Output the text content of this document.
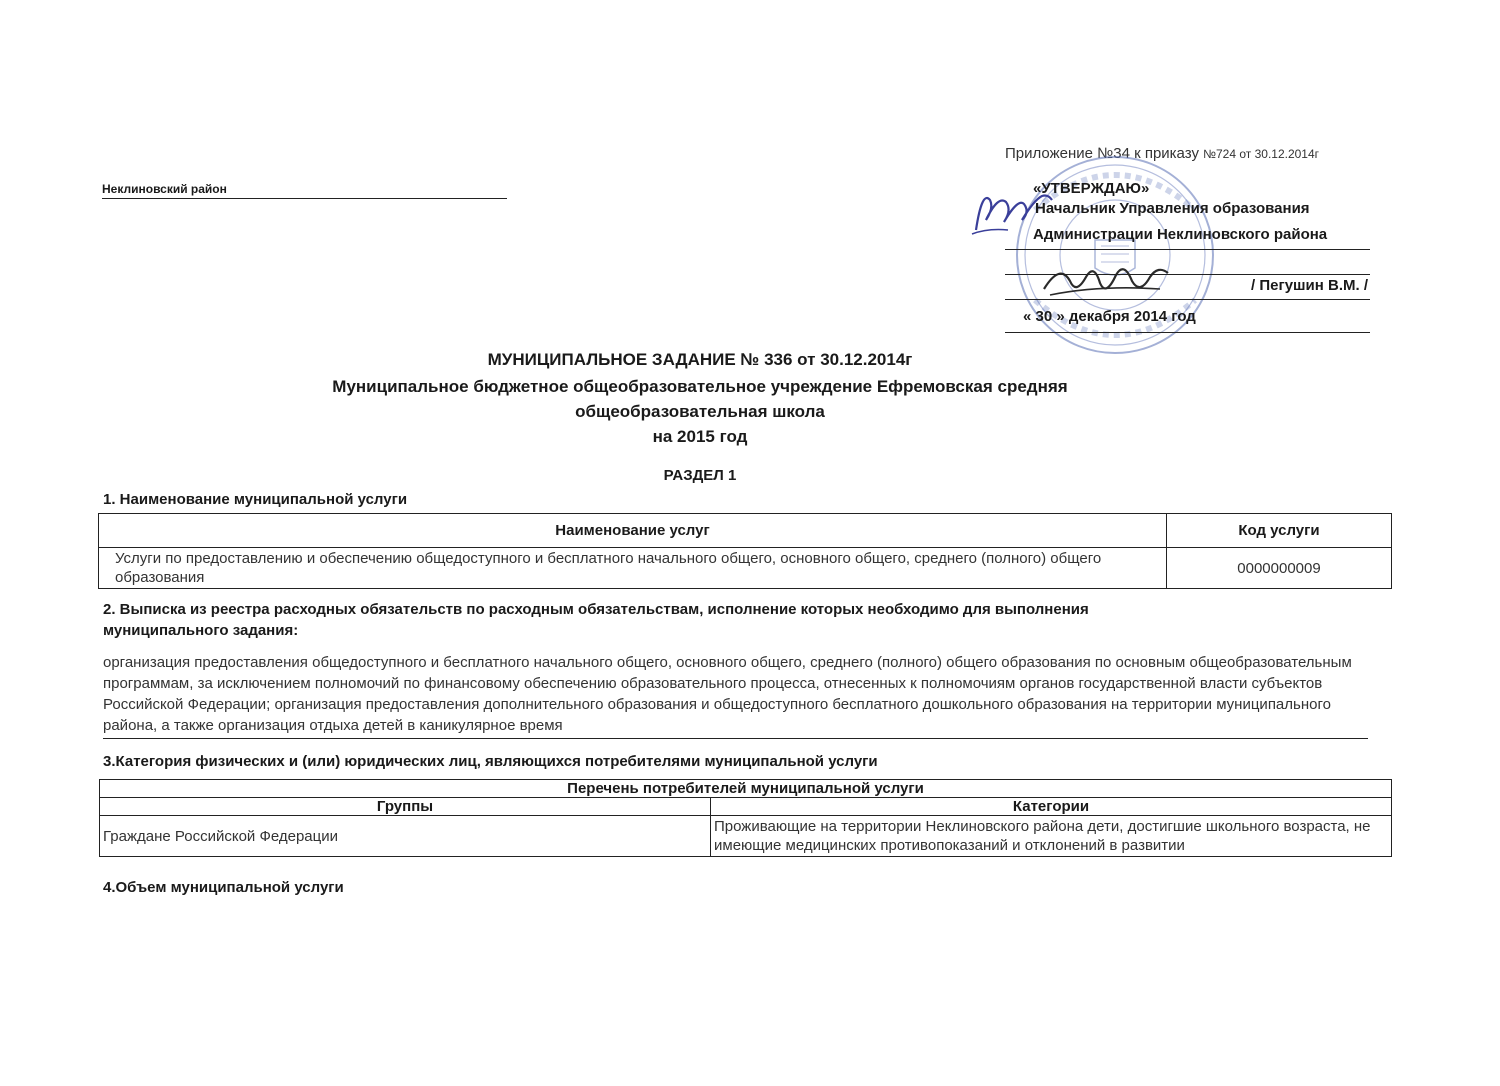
Приложение №34 к приказу №724 от 30.12.2014г
Неклиновский район	«УТВЕРЖДАЮ»
Начальник Управления образования
Администрации Неклиновского района
/ Пегушин В.М. /
« 30 » декабря 2014 год
МУНИЦИПАЛЬНОЕ ЗАДАНИЕ № 336 от 30.12.2014г
Муниципальное бюджетное общеобразовательное учреждение Ефремовская средняя
общеобразовательная школа
на 2015 год
РАЗДЕЛ 1
1. Наименование муниципальной услуги
Наименование услуг	Код услуги
Услуги по предоставлению и обеспечению общедоступного и бесплатного начального общего, основного общего, среднего (полного) общего образования	0000000009
2. Выписка из реестра расходных обязательств по расходным обязательствам, исполнение которых необходимо для выполнения
муниципального задания:
организация предоставления общедоступного и бесплатного начального общего, основного общего, среднего (полного) общего образования по основным общеобразовательным программам, за исключением полномочий по финансовому обеспечению образовательного процесса, отнесенных к полномочиям органов государственной власти субъектов Российской Федерации; организация предоставления дополнительного образования и общедоступного бесплатного дошкольного образования на территории муниципального района, а также организация отдыха детей в каникулярное время
3.Категория физических и (или) юридических лиц, являющихся потребителями муниципальной услуги
Перечень потребителей муниципальной услуги	
Группы	Категории
Граждане Российской Федерации	Проживающие на территории Неклиновского района дети, достигшие школьного возраста, не имеющие медицинских противопоказаний и отклонений в развитии
4.Объем муниципальной услуги
